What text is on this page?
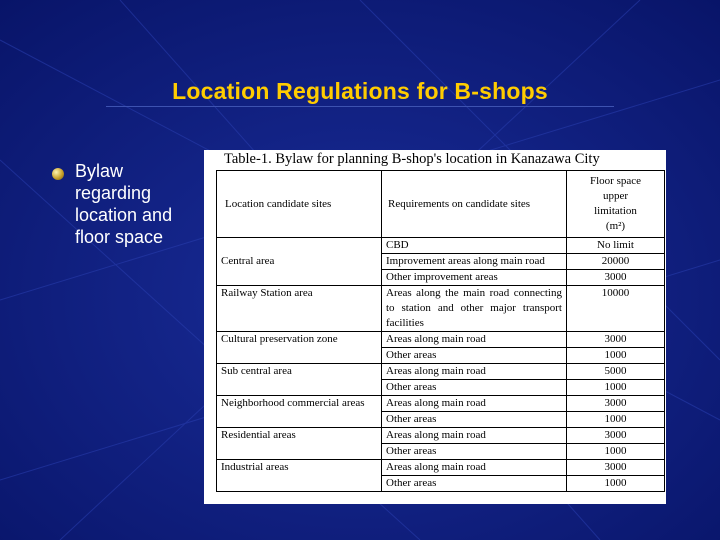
Location Regulations for B-shops
Bylaw regarding location and floor space
Table-1. Bylaw for planning B-shop's location in Kanazawa City
Location candidate sites	Requirements on candidate sites	Floor space
upper
limitation
(m²)
Central area	CBD	No limit
	Improvement areas along main road	20000
	Other improvement areas	3000
Railway Station area	Areas along the main road connecting to station and other major transport facilities	10000
Cultural preservation zone	Areas along main road	3000
	Other areas	1000
Sub central area	Areas along main road	5000
	Other areas	1000
Neighborhood commercial areas	Areas along main road	3000
	Other areas	1000
Residential areas	Areas along main road	3000
	Other areas	1000
Industrial areas	Areas along main road	3000
	Other areas	1000
